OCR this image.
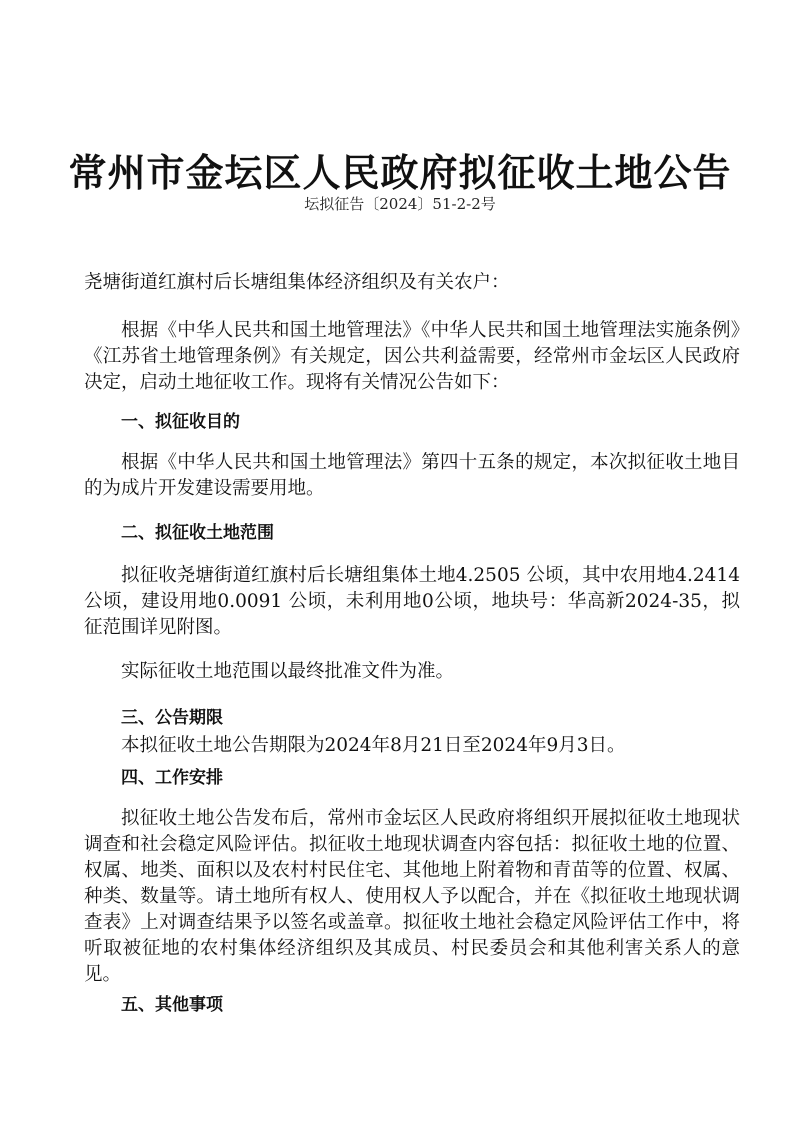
常州市金坛区人民政府拟征收土地公告
坛拟征告〔2024〕51-2-2号

尧塘街道红旗村后长塘组集体经济组织及有关农户：

根据《中华人民共和国土地管理法》《中华人民共和国土地管理法实施条例》《江苏省土地管理条例》有关规定，因公共利益需要，经常州市金坛区人民政府决定，启动土地征收工作。现将有关情况公告如下：

一、拟征收目的

根据《中华人民共和国土地管理法》第四十五条的规定，本次拟征收土地目的为成片开发建设需要用地。

二、拟征收土地范围

拟征收尧塘街道红旗村后长塘组集体土地4.2505 公顷，其中农用地4.2414 公顷，建设用地0.0091 公顷，未利用地0公顷，地块号：华高新2024-35，拟征范围详见附图。

实际征收土地范围以最终批准文件为准。

三、公告期限

本拟征收土地公告期限为2024年8月21日至2024年9月3日。

四、工作安排

拟征收土地公告发布后，常州市金坛区人民政府将组织开展拟征收土地现状调查和社会稳定风险评估。拟征收土地现状调查内容包括：拟征收土地的位置、权属、地类、面积以及农村村民住宅、其他地上附着物和青苗等的位置、权属、种类、数量等。请土地所有权人、使用权人予以配合，并在《拟征收土地现状调查表》上对调查结果予以签名或盖章。拟征收土地社会稳定风险评估工作中，将听取被征地的农村集体经济组织及其成员、村民委员会和其他利害关系人的意见。

五、其他事项
